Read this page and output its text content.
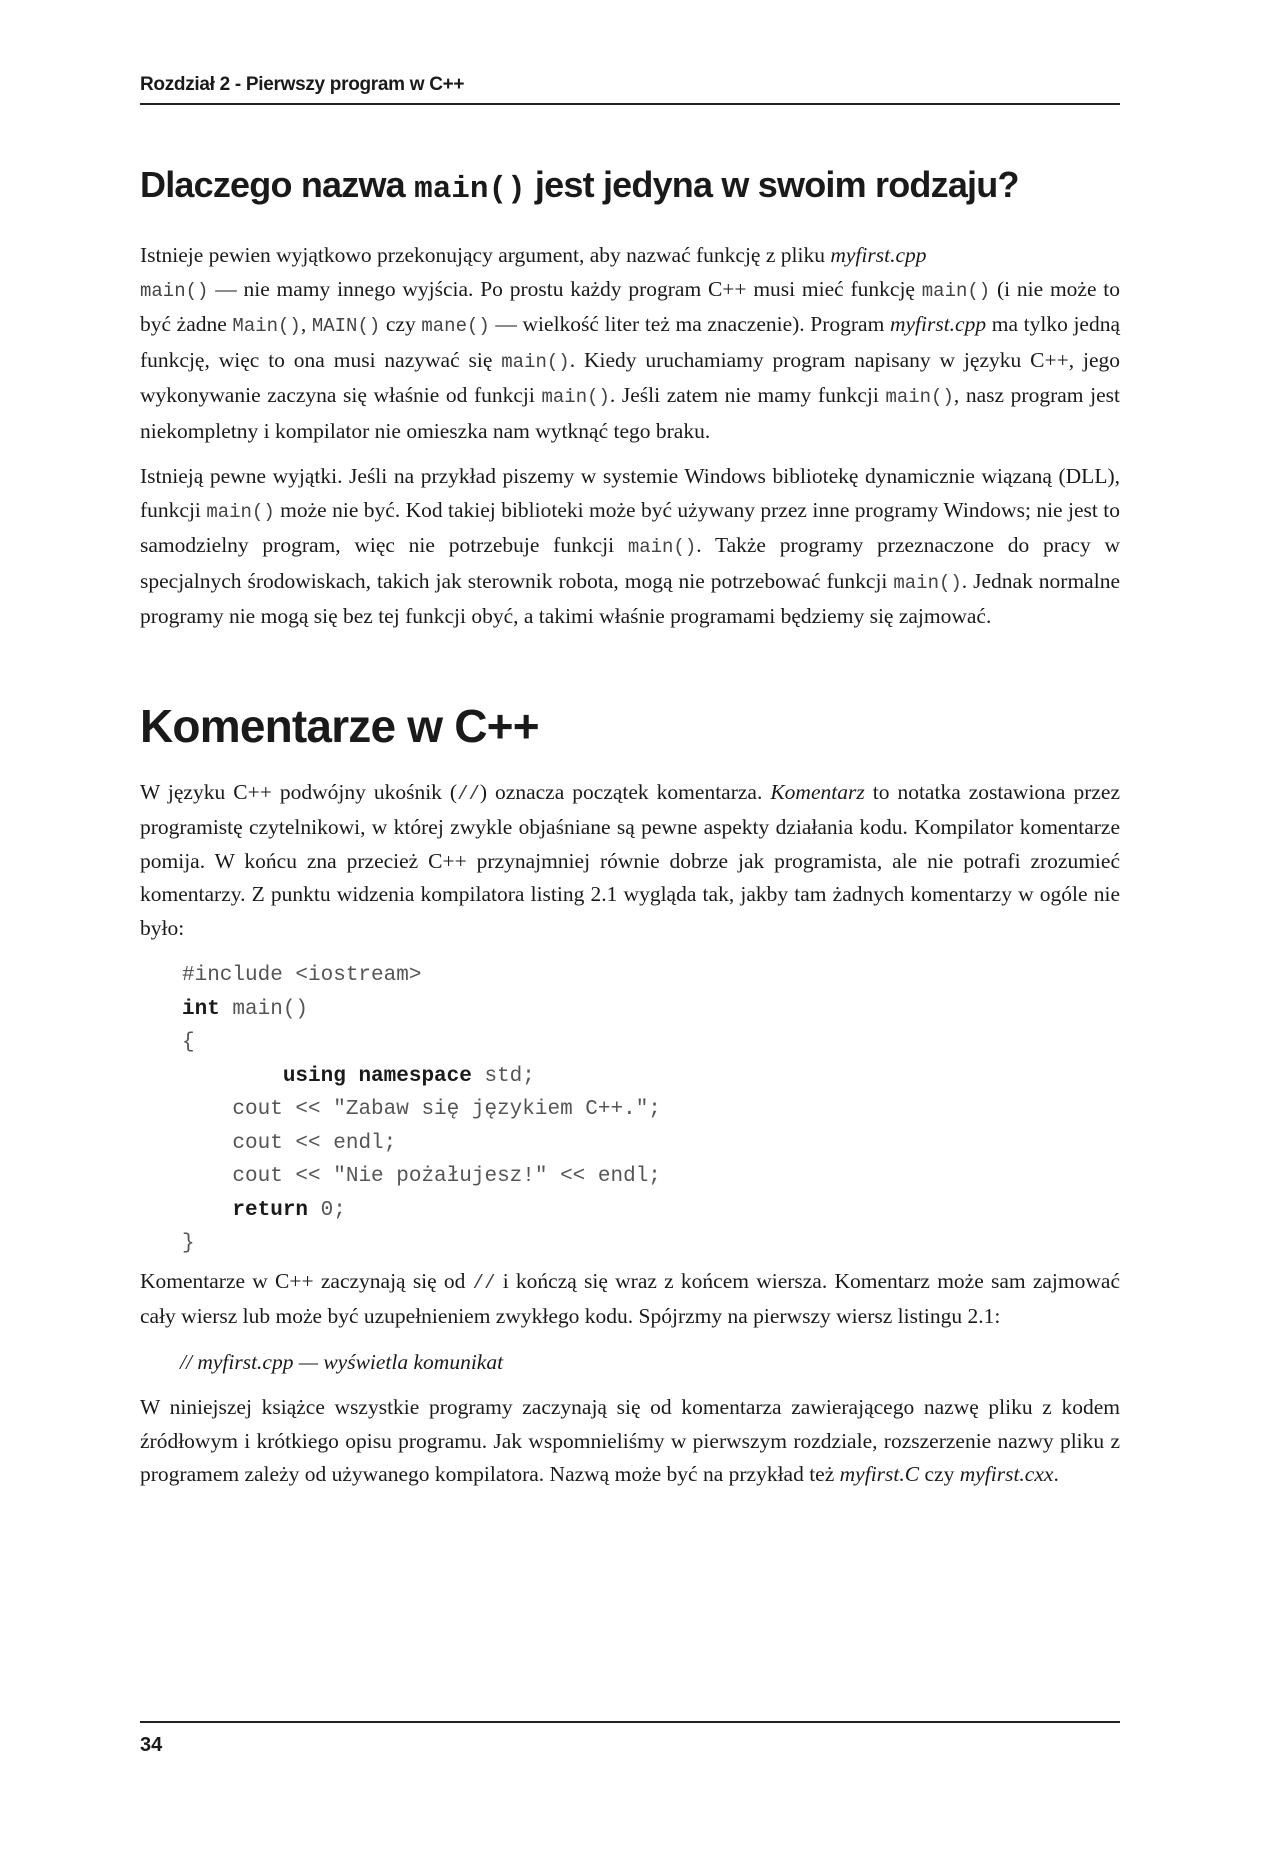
Rozdział 2 - Pierwszy program w C++
Dlaczego nazwa main() jest jedyna w swoim rodzaju?

Istnieje pewien wyjątkowo przekonujący argument, aby nazwać funkcję z pliku myfirst.cpp
main() — nie mamy innego wyjścia. Po prostu każdy program C++ musi mieć funkcję main() (i nie może to być żadne Main(), MAIN() czy mane() — wielkość liter też ma znaczenie). Program myfirst.cpp ma tylko jedną funkcję, więc to ona musi nazywać się main(). Kiedy uruchamiamy program napisany w języku C++, jego wykonywanie zaczyna się właśnie od funkcji main(). Jeśli zatem nie mamy funkcji main(), nasz program jest niekompletny i kompilator nie omieszka nam wytknąć tego braku.

Istnieją pewne wyjątki. Jeśli na przykład piszemy w systemie Windows bibliotekę dynamicznie wiązaną (DLL), funkcji main() może nie być. Kod takiej biblioteki może być używany przez inne programy Windows; nie jest to samodzielny program, więc nie potrzebuje funkcji main(). Także programy przeznaczone do pracy w specjalnych środowiskach, takich jak sterownik robota, mogą nie potrzebować funkcji main(). Jednak normalne programy nie mogą się bez tej funkcji obyć, a takimi właśnie programami będziemy się zajmować.

Komentarze w C++

W języku C++ podwójny ukośnik (//) oznacza początek komentarza. Komentarz to notatka zostawiona przez programistę czytelnikowi, w której zwykle objaśniane są pewne aspekty działania kodu. Kompilator komentarze pomija. W końcu zna przecież C++ przynajmniej równie dobrze jak programista, ale nie potrafi zrozumieć komentarzy. Z punktu widzenia kompilatora listing 2.1 wygląda tak, jakby tam żadnych komentarzy w ogóle nie było:

#include <iostream>
int main()
{
using namespace std;
cout << "Zabaw się językiem C++.";
cout << endl;
cout << "Nie pożałujesz!" << endl;
return 0;
}

Komentarze w C++ zaczynają się od // i kończą się wraz z końcem wiersza. Komentarz może sam zajmować cały wiersz lub może być uzupełnieniem zwykłego kodu. Spójrzmy na pierwszy wiersz listingu 2.1:

// myfirst.cpp — wyświetla komunikat

W niniejszej książce wszystkie programy zaczynają się od komentarza zawierającego nazwę pliku z kodem źródłowym i krótkiego opisu programu. Jak wspomnieliśmy w pierwszym rozdziale, rozszerzenie nazwy pliku z programem zależy od używanego kompilatora. Nazwą może być na przykład też myfirst.C czy myfirst.cxx.

34
